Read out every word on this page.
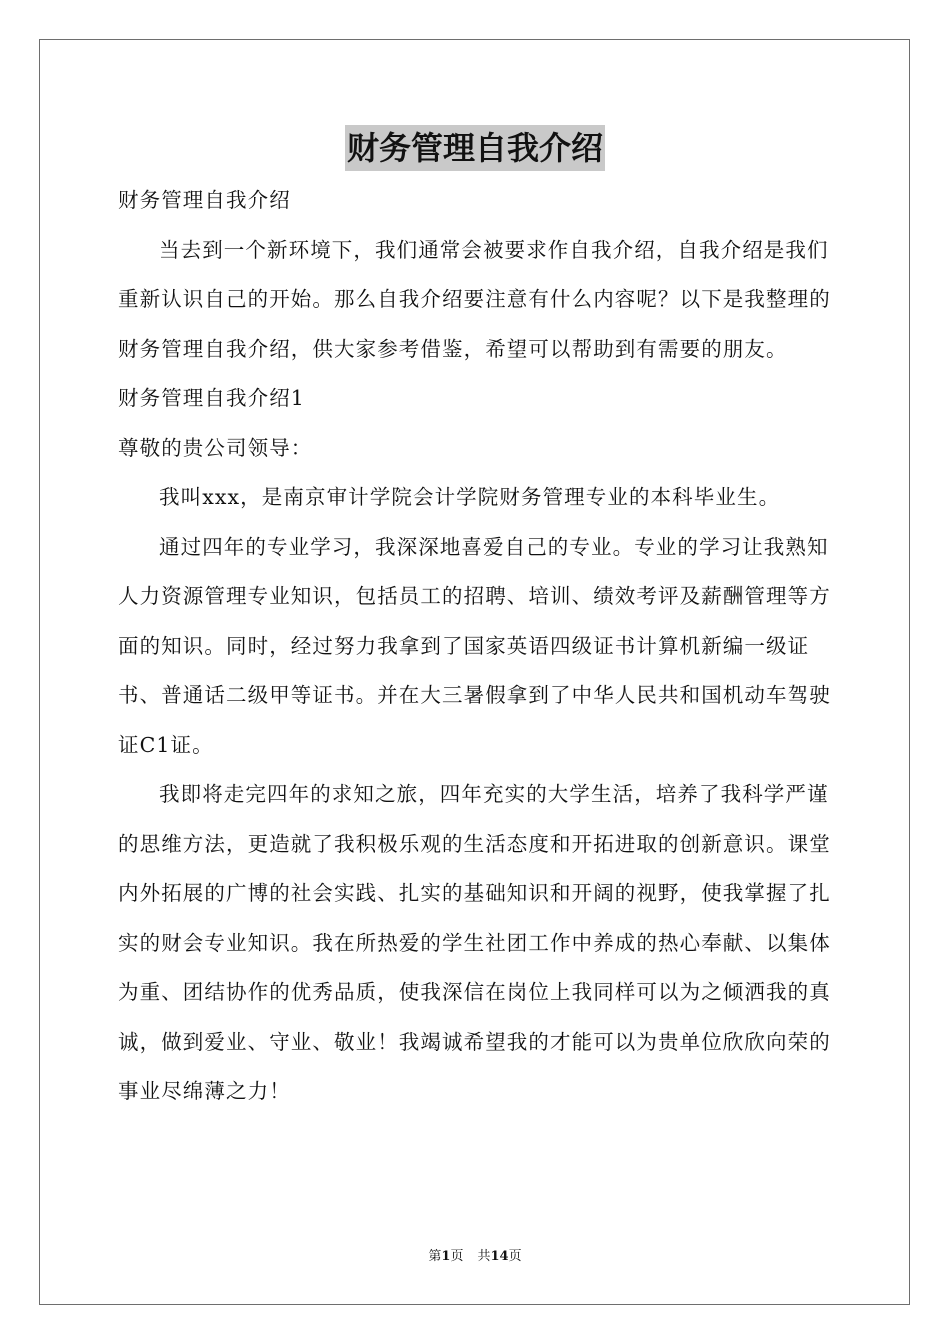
财务管理自我介绍

财务管理自我介绍

当去到一个新环境下，我们通常会被要求作自我介绍，自我介绍是我们重新认识自己的开始。那么自我介绍要注意有什么内容呢？以下是我整理的财务管理自我介绍，供大家参考借鉴，希望可以帮助到有需要的朋友。

财务管理自我介绍1

尊敬的贵公司领导：

我叫xxx，是南京审计学院会计学院财务管理专业的本科毕业生。

通过四年的专业学习，我深深地喜爱自己的专业。专业的学习让我熟知人力资源管理专业知识，包括员工的招聘、培训、绩效考评及薪酬管理等方面的知识。同时，经过努力我拿到了国家英语四级证书计算机新编一级证书、普通话二级甲等证书。并在大三暑假拿到了中华人民共和国机动车驾驶证C1证。

我即将走完四年的求知之旅，四年充实的大学生活，培养了我科学严谨的思维方法，更造就了我积极乐观的生活态度和开拓进取的创新意识。课堂内外拓展的广博的社会实践、扎实的基础知识和开阔的视野，使我掌握了扎实的财会专业知识。我在所热爱的学生社团工作中养成的热心奉献、以集体为重、团结协作的优秀品质，使我深信在岗位上我同样可以为之倾洒我的真诚，做到爱业、守业、敬业！我竭诚希望我的才能可以为贵单位欣欣向荣的事业尽绵薄之力！

第1页 共14页
